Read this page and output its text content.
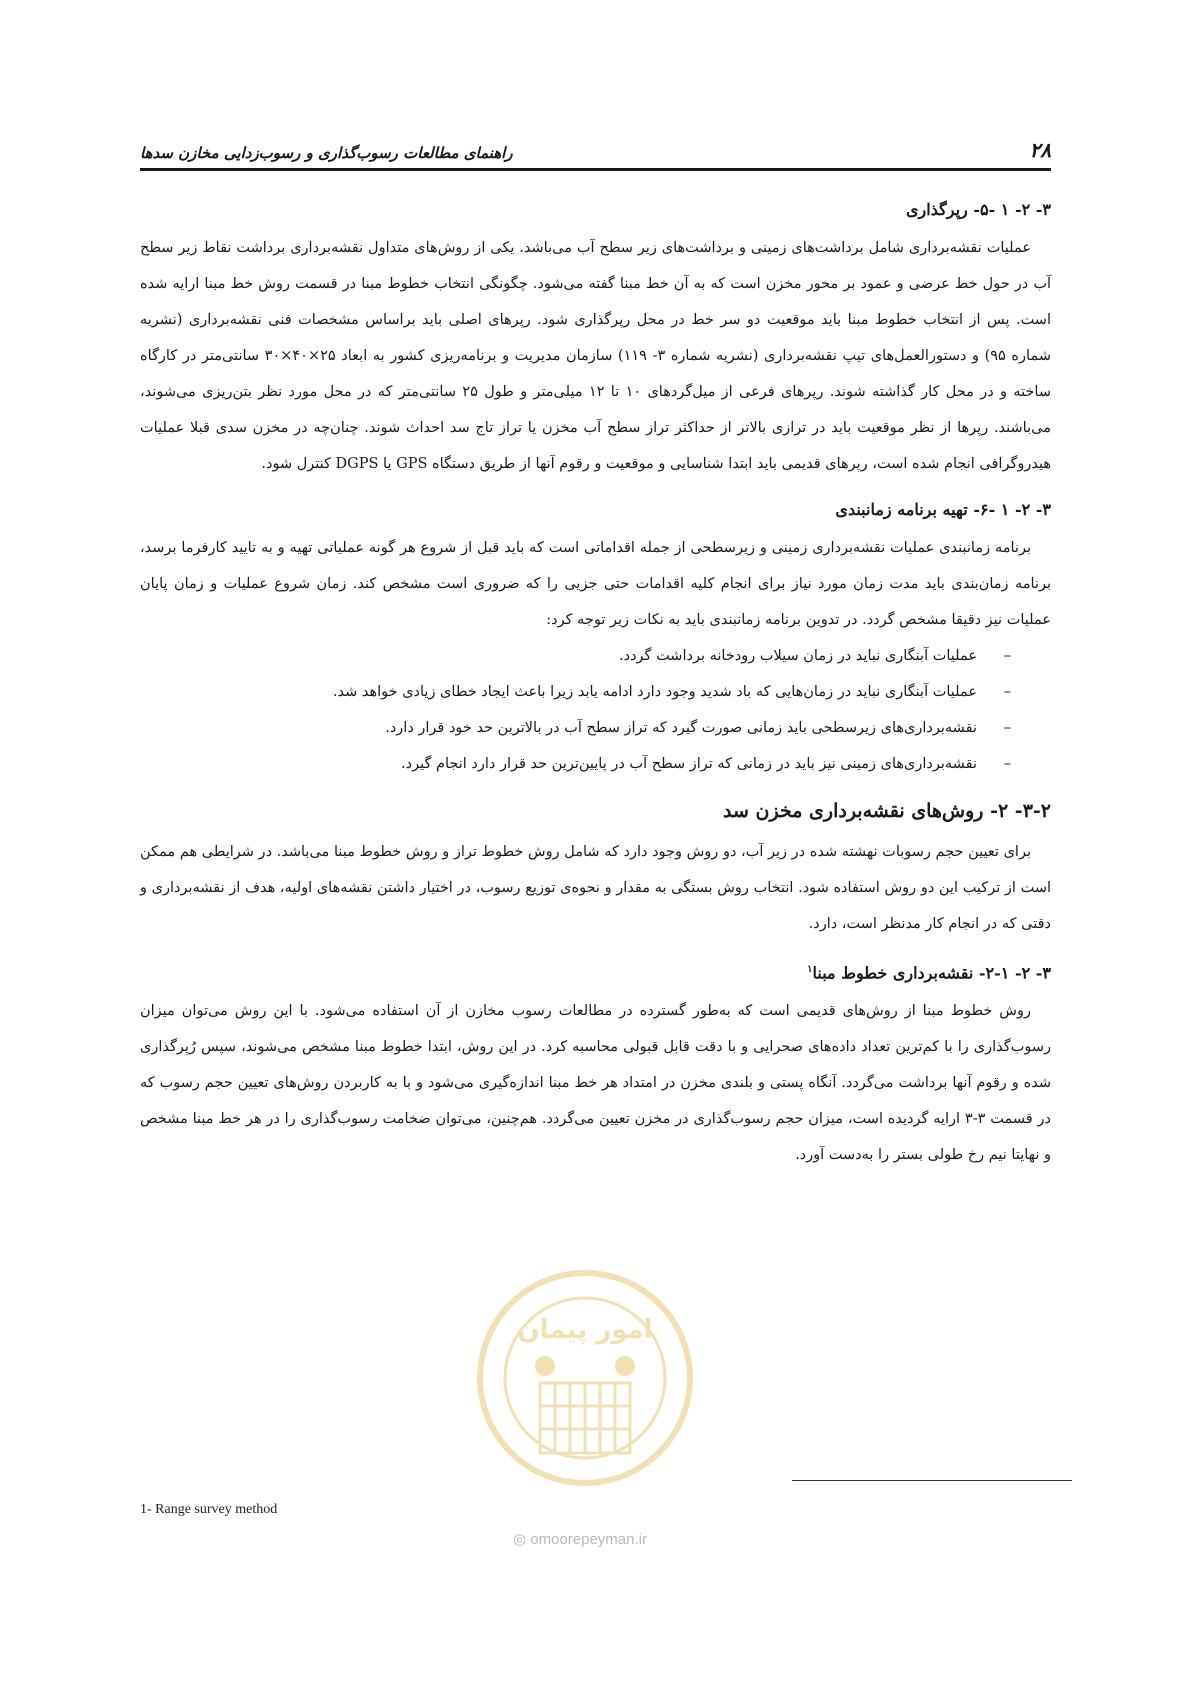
۲۸
راهنمای مطالعات رسوب‌گذاری و رسوب‌زدایی مخازن سدها
۳- ۲- ۱ -۵- رپرگذاری

عملیات نقشه‌برداری شامل برداشت‌های زمینی و برداشت‌های زیر سطح آب می‌باشد. یکی از روش‌های متداول نقشه‌برداری برداشت نقاط زیر سطح آب در حول خط عرضی و عمود بر محور مخزن است که به آن خط مبنا گفته می‌شود. چگونگی انتخاب خطوط مبنا در قسمت روش خط مبنا ارایه شده است. پس از انتخاب خطوط مبنا باید موقعیت دو سر خط در محل رپرگذاری شود. رپرهای اصلی باید براساس مشخصات فنی نقشه‌برداری (نشریه شماره ۹۵) و دستورالعمل‌های تیپ نقشه‌برداری (نشریه شماره ۳- ۱۱۹) سازمان مدیریت و برنامه‌ریزی کشور به ابعاد ۲۵×۴۰×۳۰ سانتی‌متر در کارگاه ساخته و در محل کار گذاشته شوند. رپرهای فرعی از میل‌گردهای ۱۰ تا ۱۲ میلی‌متر و طول ۲۵ سانتی‌متر که در محل مورد نظر بتن‌ریزی می‌شوند، می‌باشند. رپرها از نظر موقعیت باید در ترازی بالاتر از حداکثر تراز سطح آب مخزن یا تراز تاج سد احداث شوند. چنان‌چه در مخزن سدی قبلا عملیات هیدروگرافی انجام شده است، رپرهای قدیمی باید ابتدا شناسایی و موقعیت و رقوم آنها از طریق دستگاه GPS یا DGPS کنترل شود.

۳- ۲- ۱ -۶- تهیه برنامه زمانبندی

برنامه زمانبندی عملیات نقشه‌برداری زمینی و زیرسطحی از جمله اقداماتی است که باید قبل از شروع هر گونه عملیاتی تهیه و به تایید کارفرما برسد، برنامه زمان‌بندی باید مدت زمان مورد نیاز برای انجام کلیه اقدامات حتی جزیی را که ضروری است مشخص کند. زمان شروع عملیات و زمان پایان عملیات نیز دقیقا مشخص گردد. در تدوین برنامه زمانبندی باید به نکات زیر توجه کرد:

–عملیات آبنگاری نباید در زمان سیلاب رودخانه برداشت گردد.
–عملیات آبنگاری نباید در زمان‌هایی که باد شدید وجود دارد ادامه یابد زیرا باعث ایجاد خطای زیادی خواهد شد.
–نقشه‌برداری‌های زیرسطحی باید زمانی صورت گیرد که تراز سطح آب در بالاترین حد خود قرار دارد.
–نقشه‌برداری‌های زمینی نیز باید در زمانی که تراز سطح آب در پایین‌ترین حد قرار دارد انجام گیرد.
۳-۲- ۲- روش‌های نقشه‌برداری مخزن سد

برای تعیین حجم رسوبات نهشته شده در زیر آب، دو روش وجود دارد که شامل روش خطوط تراز و روش خطوط مبنا می‌باشد. در شرایطی هم ممکن است از ترکیب این دو روش استفاده شود. انتخاب روش بستگی به مقدار و نحوه‌ی توزیع رسوب، در اختیار داشتن نقشه‌های اولیه، هدف از نقشه‌برداری و دقتی که در انجام کار مدنظر است، دارد.

۳- ۲- ۲-۱- نقشه‌برداری خطوط مبنا$^۱$

روش خطوط مبنا از روش‌های قدیمی است که به‌طور گسترده در مطالعات رسوب مخازن از آن استفاده می‌شود. با این روش می‌توان میزان رسوب‌گذاری را با کم‌ترین تعداد داده‌های صحرایی و با دقت قابل قبولی محاسبه کرد. در این روش، ابتدا خطوط مبنا مشخص می‌شوند، سپس رُپرگذاری شده و رقوم آنها برداشت می‌گردد. آنگاه پستی و بلندی مخزن در امتداد هر خط مبنا اندازه‌گیری می‌شود و با به کاربردن روش‌های تعیین حجم رسوب که در قسمت ۳-۳ ارایه گردیده است، میزان حجم رسوب‌گذاری در مخزن تعیین می‌گردد. هم‌چنین، می‌توان ضخامت رسوب‌گذاری را در هر خط مبنا مشخص و نهایتا نیم رخ طولی بستر را به‌دست آورد.

1- Range survey method
امور پیمان
◎ omoorepeyman.ir
